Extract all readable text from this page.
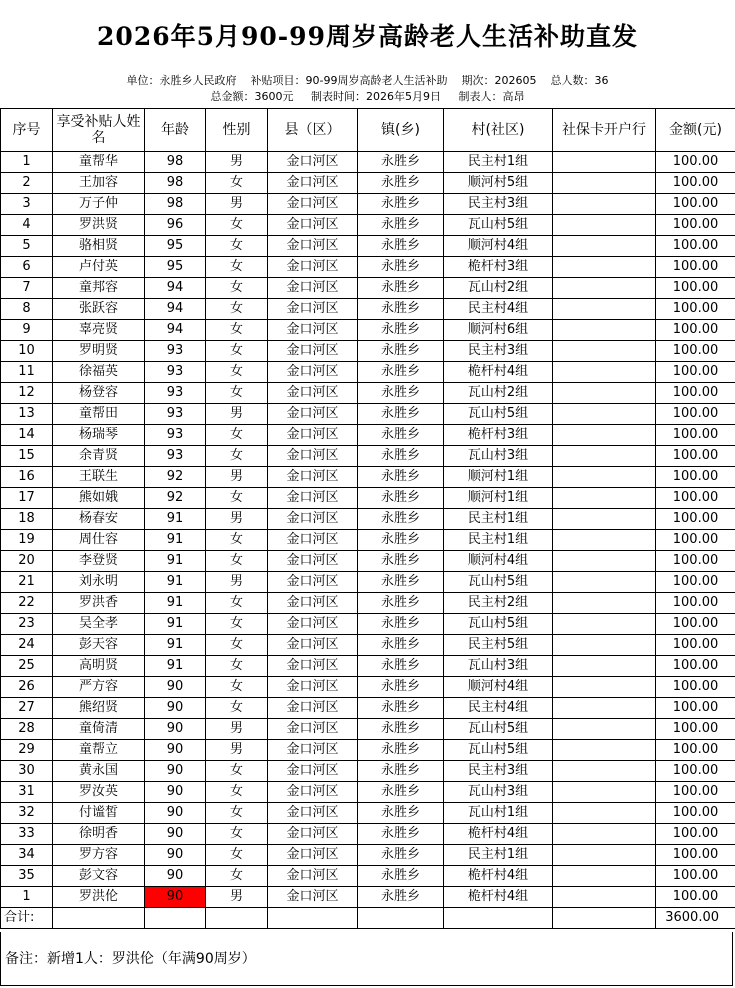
2026年5月90-99周岁高龄老人生活补助直发
单位：永胜乡人民政府 补贴项目：90-99周岁高龄老人生活补助 期次：202605 总人数：36
总金额：3600元 制表时间：2026年5月9日 制表人：高昂
序号	享受补贴人姓名	年龄	性别	县（区）	镇(乡)	村(社区)	社保卡开户行	金额(元)
1	童帮华	98	男	金口河区	永胜乡	民主村1组		100.00
2	王加容	98	女	金口河区	永胜乡	顺河村5组		100.00
3	万子仲	98	男	金口河区	永胜乡	民主村3组		100.00
4	罗洪贤	96	女	金口河区	永胜乡	瓦山村5组		100.00
5	骆相贤	95	女	金口河区	永胜乡	顺河村4组		100.00
6	卢付英	95	女	金口河区	永胜乡	桅杆村3组		100.00
7	童邦容	94	女	金口河区	永胜乡	瓦山村2组		100.00
8	张跃容	94	女	金口河区	永胜乡	民主村4组		100.00
9	辜亮贤	94	女	金口河区	永胜乡	顺河村6组		100.00
10	罗明贤	93	女	金口河区	永胜乡	民主村3组		100.00
11	徐福英	93	女	金口河区	永胜乡	桅杆村4组		100.00
12	杨登容	93	女	金口河区	永胜乡	瓦山村2组		100.00
13	童帮田	93	男	金口河区	永胜乡	瓦山村5组		100.00
14	杨瑞琴	93	女	金口河区	永胜乡	桅杆村3组		100.00
15	余青贤	93	女	金口河区	永胜乡	瓦山村3组		100.00
16	王联生	92	男	金口河区	永胜乡	顺河村1组		100.00
17	熊如娥	92	女	金口河区	永胜乡	顺河村1组		100.00
18	杨春安	91	男	金口河区	永胜乡	民主村1组		100.00
19	周仕容	91	女	金口河区	永胜乡	民主村1组		100.00
20	李登贤	91	女	金口河区	永胜乡	顺河村4组		100.00
21	刘永明	91	男	金口河区	永胜乡	瓦山村5组		100.00
22	罗洪香	91	女	金口河区	永胜乡	民主村2组		100.00
23	吴全孝	91	女	金口河区	永胜乡	瓦山村5组		100.00
24	彭天容	91	女	金口河区	永胜乡	民主村5组		100.00
25	高明贤	91	女	金口河区	永胜乡	瓦山村3组		100.00
26	严方容	90	女	金口河区	永胜乡	顺河村4组		100.00
27	熊绍贤	90	女	金口河区	永胜乡	民主村4组		100.00
28	童倚清	90	男	金口河区	永胜乡	瓦山村5组		100.00
29	童帮立	90	男	金口河区	永胜乡	瓦山村5组		100.00
30	黄永国	90	女	金口河区	永胜乡	民主村3组		100.00
31	罗汝英	90	女	金口河区	永胜乡	瓦山村3组		100.00
32	付谧皙	90	女	金口河区	永胜乡	瓦山村1组		100.00
33	徐明香	90	女	金口河区	永胜乡	桅杆村4组		100.00
34	罗方容	90	女	金口河区	永胜乡	民主村1组		100.00
35	彭文容	90	女	金口河区	永胜乡	桅杆村4组		100.00
1	罗洪伦	90	男	金口河区	永胜乡	桅杆村4组		100.00
合计:								3600.00
备注：新增1人：罗洪伦（年满90周岁）
